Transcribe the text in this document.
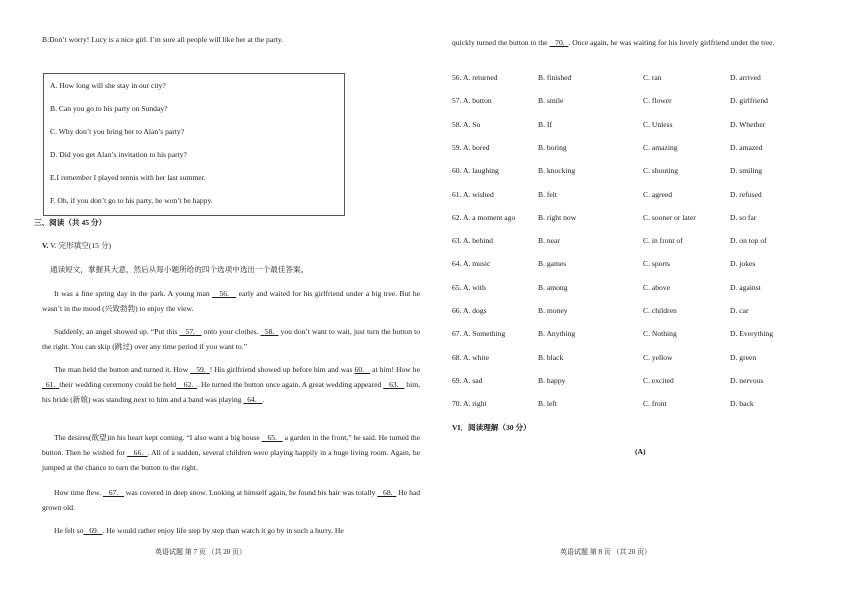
B:Don’t worry! Lucy is a nice girl. I’m sure all people will like her at the party.
A. How long will she stay in our city?
B. Can you go to his party on Sunday?
C. Why don’t you bring her to Alan’s party?
D. Did you get Alan’s invitation to his party?
E.I remember I played tennis with her last summer.
F. Oh, if you don’t go to his party, he won’t be happy.
三、阅读（共 45 分）
V. V. 完形填空(15 分)
通读短文，掌握其大意，然后从每小题所给的四个选项中选出一个最佳答案。
It was a fine spring day in the park. A young man    56.    early and waited for his girlfriend under a big tree. But he wasn’t in the mood (兴致勃勃) to enjoy the view.
Suddenly, an angel showed up. “Put this    57.    onto your clothes.   58.   you don’t want to wait, just turn the button to the right. You can skip (跳过) over any time period if you want to.”
The man held the button and turned it. How    59. ! His girlfriend showed up before him and was 60.    at him! How he   61. their wedding ceremony could be held 62. . He turned the button once again. A great wedding appeared    63.    him, his bride (新娘) was standing next to him and a band was playing   64. .
The desires(欲望)in his heart kept coming. “I also want a big house    65.    a garden in the front,” he said. He turned the button. Then he wished for    66. . All of a sudden, several children were playing happily in a huge living room. Again, he jumped at the chance to turn the button to the right.
How time flew.    67.    was covered in deep snow. Looking at himself again, he found his hair was totally    68.   He had grown old.
He felt so 69. . He would rather enjoy life step by step than watch it go by in such a hurry. He
英语试题 第 7 页 （共 20 页）
quickly turned the button to the    70. . Once again, he was waiting for his lovely girlfriend under the tree.
56. A. returned	B. finished	C. ran	D. arrived
57. A. button	B. smile	C. flower	D. girlfriend
58. A. So	B. If	C. Unless	D. Whether
59. A. bored	B. boring	C. amazing	D. amazed
60. A. laughing	B. knocking	C. shouting	D. smiling
61. A. wished	B. felt	C. agreed	D. refused
62. A. a moment ago	B. right now	C. sooner or later	D. so far
63. A. behind	B. near	C. in front of	D. on top of
64. A. music	B. games	C. sports	D. jokes
65. A. with	B. among	C. above	D. against
66. A. dogs	B. money	C. children	D. car
67. A. Something	B. Anything	C. Nothing	D. Everything
68. A. white	B. black	C. yellow	D. green
69. A. sad	B. happy	C. excited	D. nervous
70. A. right	B. left	C. front	D. back
VI．阅读理解（30 分）
(A)
英语试题 第 8 页 （共 20 页）
